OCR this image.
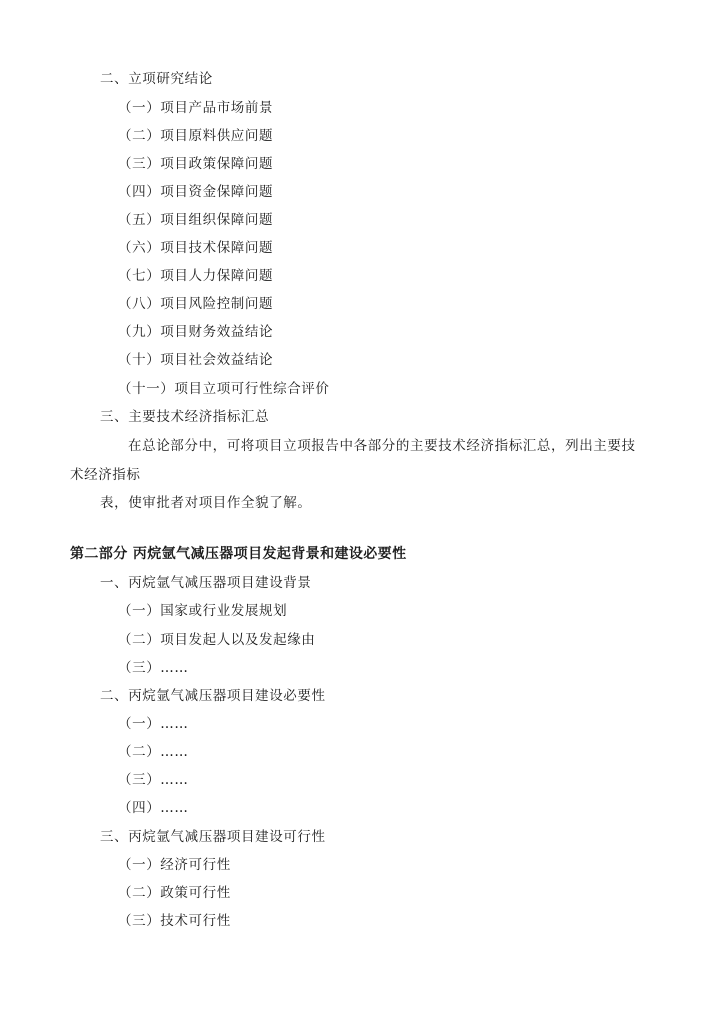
二、立项研究结论
（一）项目产品市场前景
（二）项目原料供应问题
（三）项目政策保障问题
（四）项目资金保障问题
（五）项目组织保障问题
（六）项目技术保障问题
（七）项目人力保障问题
（八）项目风险控制问题
（九）项目财务效益结论
（十）项目社会效益结论
（十一）项目立项可行性综合评价
三、主要技术经济指标汇总
在总论部分中，可将项目立项报告中各部分的主要技术经济指标汇总，列出主要技
术经济指标
表，使审批者对项目作全貌了解。
第二部分 丙烷氩气减压器项目发起背景和建设必要性
一、丙烷氩气减压器项目建设背景
（一）国家或行业发展规划
（二）项目发起人以及发起缘由
（三）……
二、丙烷氩气减压器项目建设必要性
（一）……
（二）……
（三）……
（四）……
三、丙烷氩气减压器项目建设可行性
（一）经济可行性
（二）政策可行性
（三）技术可行性
